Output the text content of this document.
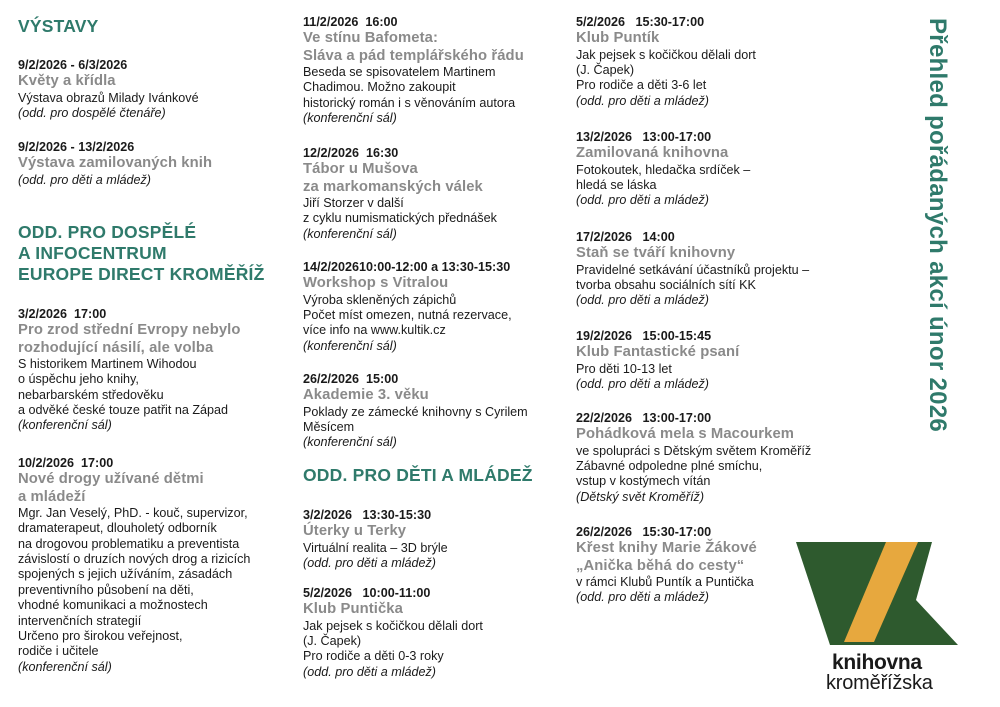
VÝSTAVY
9/2/2026 - 6/3/2026
Květy a křídla
Výstava obrazů Milady Ivánkové
(odd. pro dospělé čtenáře)
9/2/2026 - 13/2/2026
Výstava zamilovaných knih
(odd. pro děti a mládež)
ODD. PRO DOSPĚLÉ
A INFOCENTRUM
EUROPE DIRECT KROMĚŘÍŽ
3/2/2026  17:00
Pro zrod střední Evropy nebylo
rozhodující násilí, ale volba
S historikem Martinem Wihodou
o úspěchu jeho knihy,
nebarbarském středověku
a odvěké české touze patřit na Západ
(konferenční sál)
10/2/2026  17:00
Nové drogy užívané dětmi
a mládeží
Mgr. Jan Veselý, PhD. - kouč, supervizor,
dramaterapeut, dlouholetý odborník
na drogovou problematiku a preventista
závislostí o druzích nových drog a rizicích
spojených s jejich užíváním, zásadách
preventivního působení na děti,
vhodné komunikaci a možnostech
intervenčních strategií
Určeno pro širokou veřejnost,
rodiče i učitele
(konferenční sál)
11/2/2026  16:00
Ve stínu Bafometa:
Sláva a pád templářského řádu
Beseda se spisovatelem Martinem
Chadimou. Možno zakoupit
historický román i s věnováním autora
(konferenční sál)
12/2/2026  16:30
Tábor u Mušova
za markomanských válek
Jiří Storzer v další
z cyklu numismatických přednášek
(konferenční sál)
14/2/202610:00-12:00 a 13:30-15:30
Workshop s Vitralou
Výroba skleněných zápichů
Počet míst omezen, nutná rezervace,
více info na www.kultik.cz
(konferenční sál)
26/2/2026  15:00
Akademie 3. věku
Poklady ze zámecké knihovny s Cyrilem
Měsícem
(konferenční sál)
ODD. PRO DĚTI A MLÁDEŽ
3/2/2026   13:30-15:30
Úterky u Terky
Virtuální realita – 3D brýle
(odd. pro děti a mládež)
5/2/2026   10:00-11:00
Klub Puntička
Jak pejsek s kočičkou dělali dort
(J. Čapek)
Pro rodiče a děti 0-3 roky
(odd. pro děti a mládež)
5/2/2026   15:30-17:00
Klub Puntík
Jak pejsek s kočičkou dělali dort
(J. Čapek)
Pro rodiče a děti 3-6 let
(odd. pro děti a mládež)
13/2/2026   13:00-17:00
Zamilovaná knihovna
Fotokoutek, hledačka srdíček –
hledá se láska
(odd. pro děti a mládež)
17/2/2026   14:00
Staň se tváří knihovny
Pravidelné setkávání účastníků projektu –
tvorba obsahu sociálních sítí KK
(odd. pro děti a mládež)
19/2/2026   15:00-15:45
Klub Fantastické psaní
Pro děti 10-13 let
(odd. pro děti a mládež)
22/2/2026   13:00-17:00
Pohádková mela s Macourkem
ve spolupráci s Dětským světem Kroměříž
Zábavné odpoledne plné smíchu,
vstup v kostýmech vítán
(Dětský svět Kroměříž)
26/2/2026   15:30-17:00
Křest knihy Marie Žákové
„Anička běhá do cesty“
v rámci Klubů Puntík a Puntička
(odd. pro děti a mládež)
Přehled pořádaných akcí únor 2026
knihovna
kroměřížska
